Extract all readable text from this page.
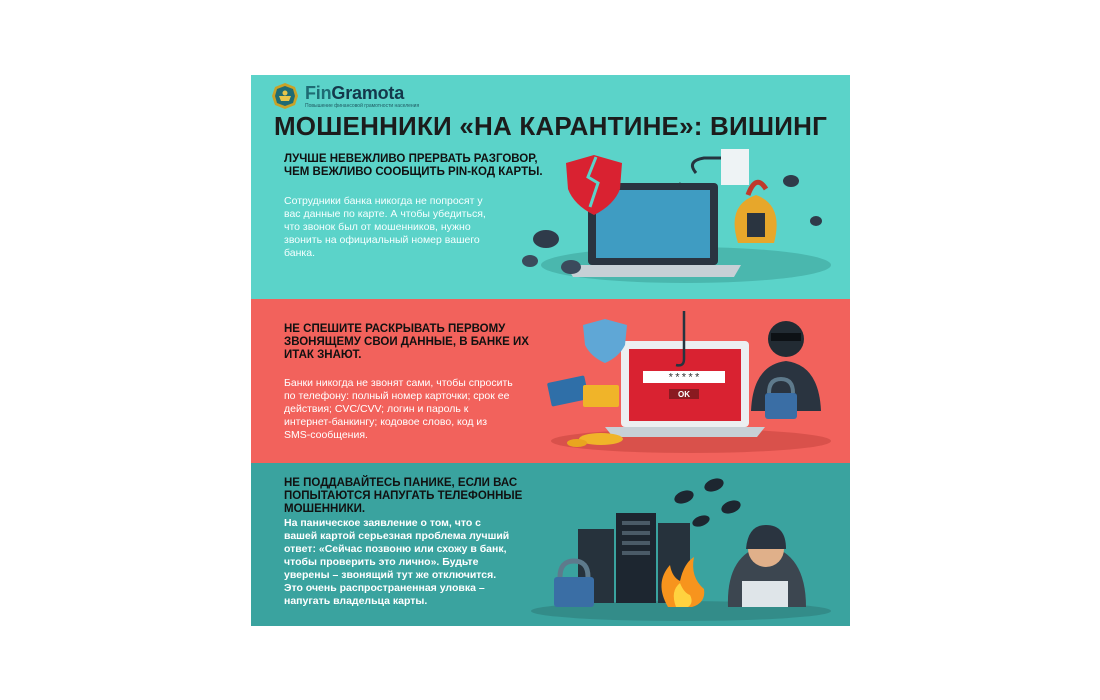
FinGramota
Повышение финансовой грамотности населения
МОШЕННИКИ «НА КАРАНТИНЕ»: ВИШИНГ
ЛУЧШЕ НЕВЕЖЛИВО ПРЕРВАТЬ РАЗГОВОР, ЧЕМ ВЕЖЛИВО СООБЩИТЬ PIN-КОД КАРТЫ.
Сотрудники банка никогда не попросят у вас данные по карте. А чтобы убедиться, что звонок был от мошенников, нужно звонить на официальный номер вашего банка.
НЕ СПЕШИТЕ РАСКРЫВАТЬ ПЕРВОМУ ЗВОНЯЩЕМУ СВОИ ДАННЫЕ, В БАНКЕ ИХ ИТАК ЗНАЮТ.
Банки никогда не звонят сами, чтобы спросить по телефону: полный номер карточки; срок ее действия; CVC/CVV; логин и пароль к интернет-банкингу; кодовое слово, код из SMS-сообщения.
*****
OK
НЕ ПОДДАВАЙТЕСЬ ПАНИКЕ, ЕСЛИ ВАС ПОПЫТАЮТСЯ НАПУГАТЬ ТЕЛЕФОННЫЕ МОШЕННИКИ.
На паническое заявление о том, что с вашей картой серьезная проблема лучший ответ: «Сейчас позвоню или схожу в банк, чтобы проверить это лично». Будьте уверены – звонящий тут же отключится. Это очень распространенная уловка – напугать владельца карты.
